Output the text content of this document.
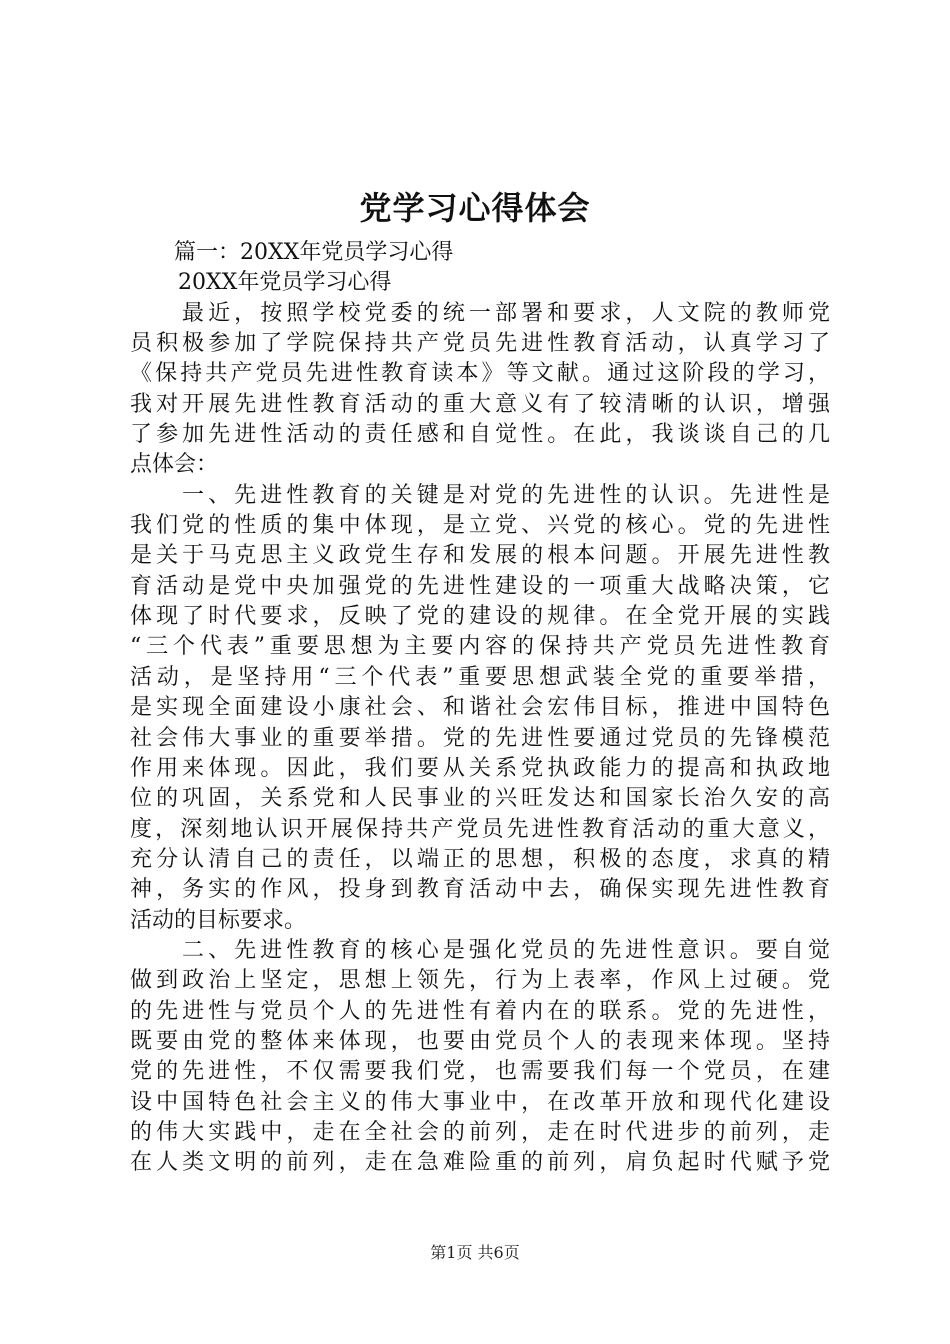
党学习心得体会
篇一：20XX年党员学习心得
20XX年党员学习心得
最近，按照学校党委的统一部署和要求，人文院的教师党
员积极参加了学院保持共产党员先进性教育活动，认真学习了
《保持共产党员先进性教育读本》等文献。通过这阶段的学习，
我对开展先进性教育活动的重大意义有了较清晰的认识，增强
了参加先进性活动的责任感和自觉性。在此，我谈谈自己的几
点体会：
一、先进性教育的关键是对党的先进性的认识。先进性是
我们党的性质的集中体现，是立党、兴党的核心。党的先进性
是关于马克思主义政党生存和发展的根本问题。开展先进性教
育活动是党中央加强党的先进性建设的一项重大战略决策，它
体现了时代要求，反映了党的建设的规律。在全党开展的实践
“三个代表”重要思想为主要内容的保持共产党员先进性教育
活动，是坚持用“三个代表”重要思想武装全党的重要举措，
是实现全面建设小康社会、和谐社会宏伟目标，推进中国特色
社会伟大事业的重要举措。党的先进性要通过党员的先锋模范
作用来体现。因此，我们要从关系党执政能力的提高和执政地
位的巩固，关系党和人民事业的兴旺发达和国家长治久安的高
度，深刻地认识开展保持共产党员先进性教育活动的重大意义，
充分认清自己的责任，以端正的思想，积极的态度，求真的精
神，务实的作风，投身到教育活动中去，确保实现先进性教育
活动的目标要求。
二、先进性教育的核心是强化党员的先进性意识。要自觉
做到政治上坚定，思想上领先，行为上表率，作风上过硬。党
的先进性与党员个人的先进性有着内在的联系。党的先进性，
既要由党的整体来体现，也要由党员个人的表现来体现。坚持
党的先进性，不仅需要我们党，也需要我们每一个党员，在建
设中国特色社会主义的伟大事业中，在改革开放和现代化建设
的伟大实践中，走在全社会的前列，走在时代进步的前列，走
在人类文明的前列，走在急难险重的前列，肩负起时代赋予党
第1页 共6页
